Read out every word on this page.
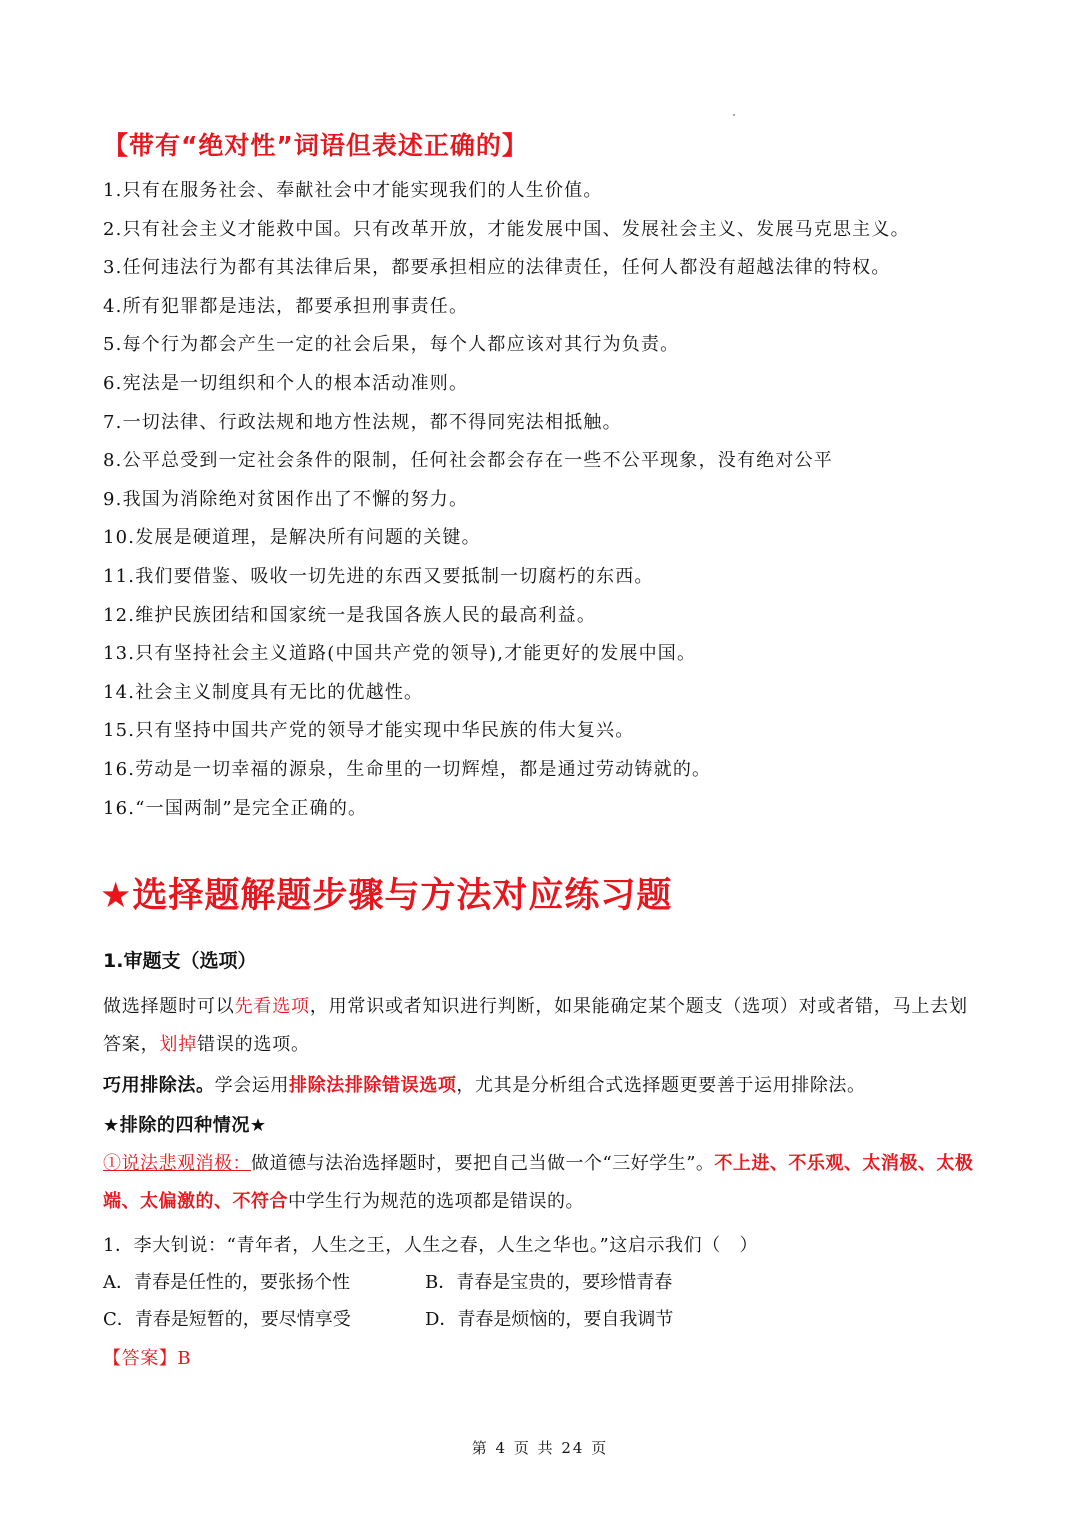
【带有“绝对性”词语但表述正确的】
1.只有在服务社会、奉献社会中才能实现我们的人生价值。
2.只有社会主义才能救中国。只有改革开放，才能发展中国、发展社会主义、发展马克思主义。
3.任何违法行为都有其法律后果，都要承担相应的法律责任，任何人都没有超越法律的特权。
4.所有犯罪都是违法，都要承担刑事责任。
5.每个行为都会产生一定的社会后果，每个人都应该对其行为负责。
6.宪法是一切组织和个人的根本活动准则。
7.一切法律、行政法规和地方性法规，都不得同宪法相抵触。
8.公平总受到一定社会条件的限制，任何社会都会存在一些不公平现象，没有绝对公平
9.我国为消除绝对贫困作出了不懈的努力。
10.发展是硬道理，是解决所有问题的关键。
11.我们要借鉴、吸收一切先进的东西又要抵制一切腐朽的东西。
12.维护民族团结和国家统一是我国各族人民的最高利益。
13.只有坚持社会主义道路(中国共产党的领导),才能更好的发展中国。
14.社会主义制度具有无比的优越性。
15.只有坚持中国共产党的领导才能实现中华民族的伟大复兴。
16.劳动是一切幸福的源泉，生命里的一切辉煌，都是通过劳动铸就的。
16.“一国两制”是完全正确的。
★选择题解题步骤与方法对应练习题
1.审题支（选项）
做选择题时可以先看选项，用常识或者知识进行判断，如果能确定某个题支（选项）对或者错，马上去划答案，划掉错误的选项。
巧用排除法。学会运用排除法排除错误选项，尤其是分析组合式选择题更要善于运用排除法。
★排除的四种情况★
①说法悲观消极：做道德与法治选择题时，要把自己当做一个“三好学生”。不上进、不乐观、太消极、太极端、太偏激的、不符合中学生行为规范的选项都是错误的。
1．李大钊说：“青年者，人生之王，人生之春，人生之华也。”这启示我们（　）
A．青春是任性的，要张扬个性	B．青春是宝贵的，要珍惜青春
C．青春是短暂的，要尽情享受	D．青春是烦恼的，要自我调节
【答案】B
第 4 页 共 24 页
